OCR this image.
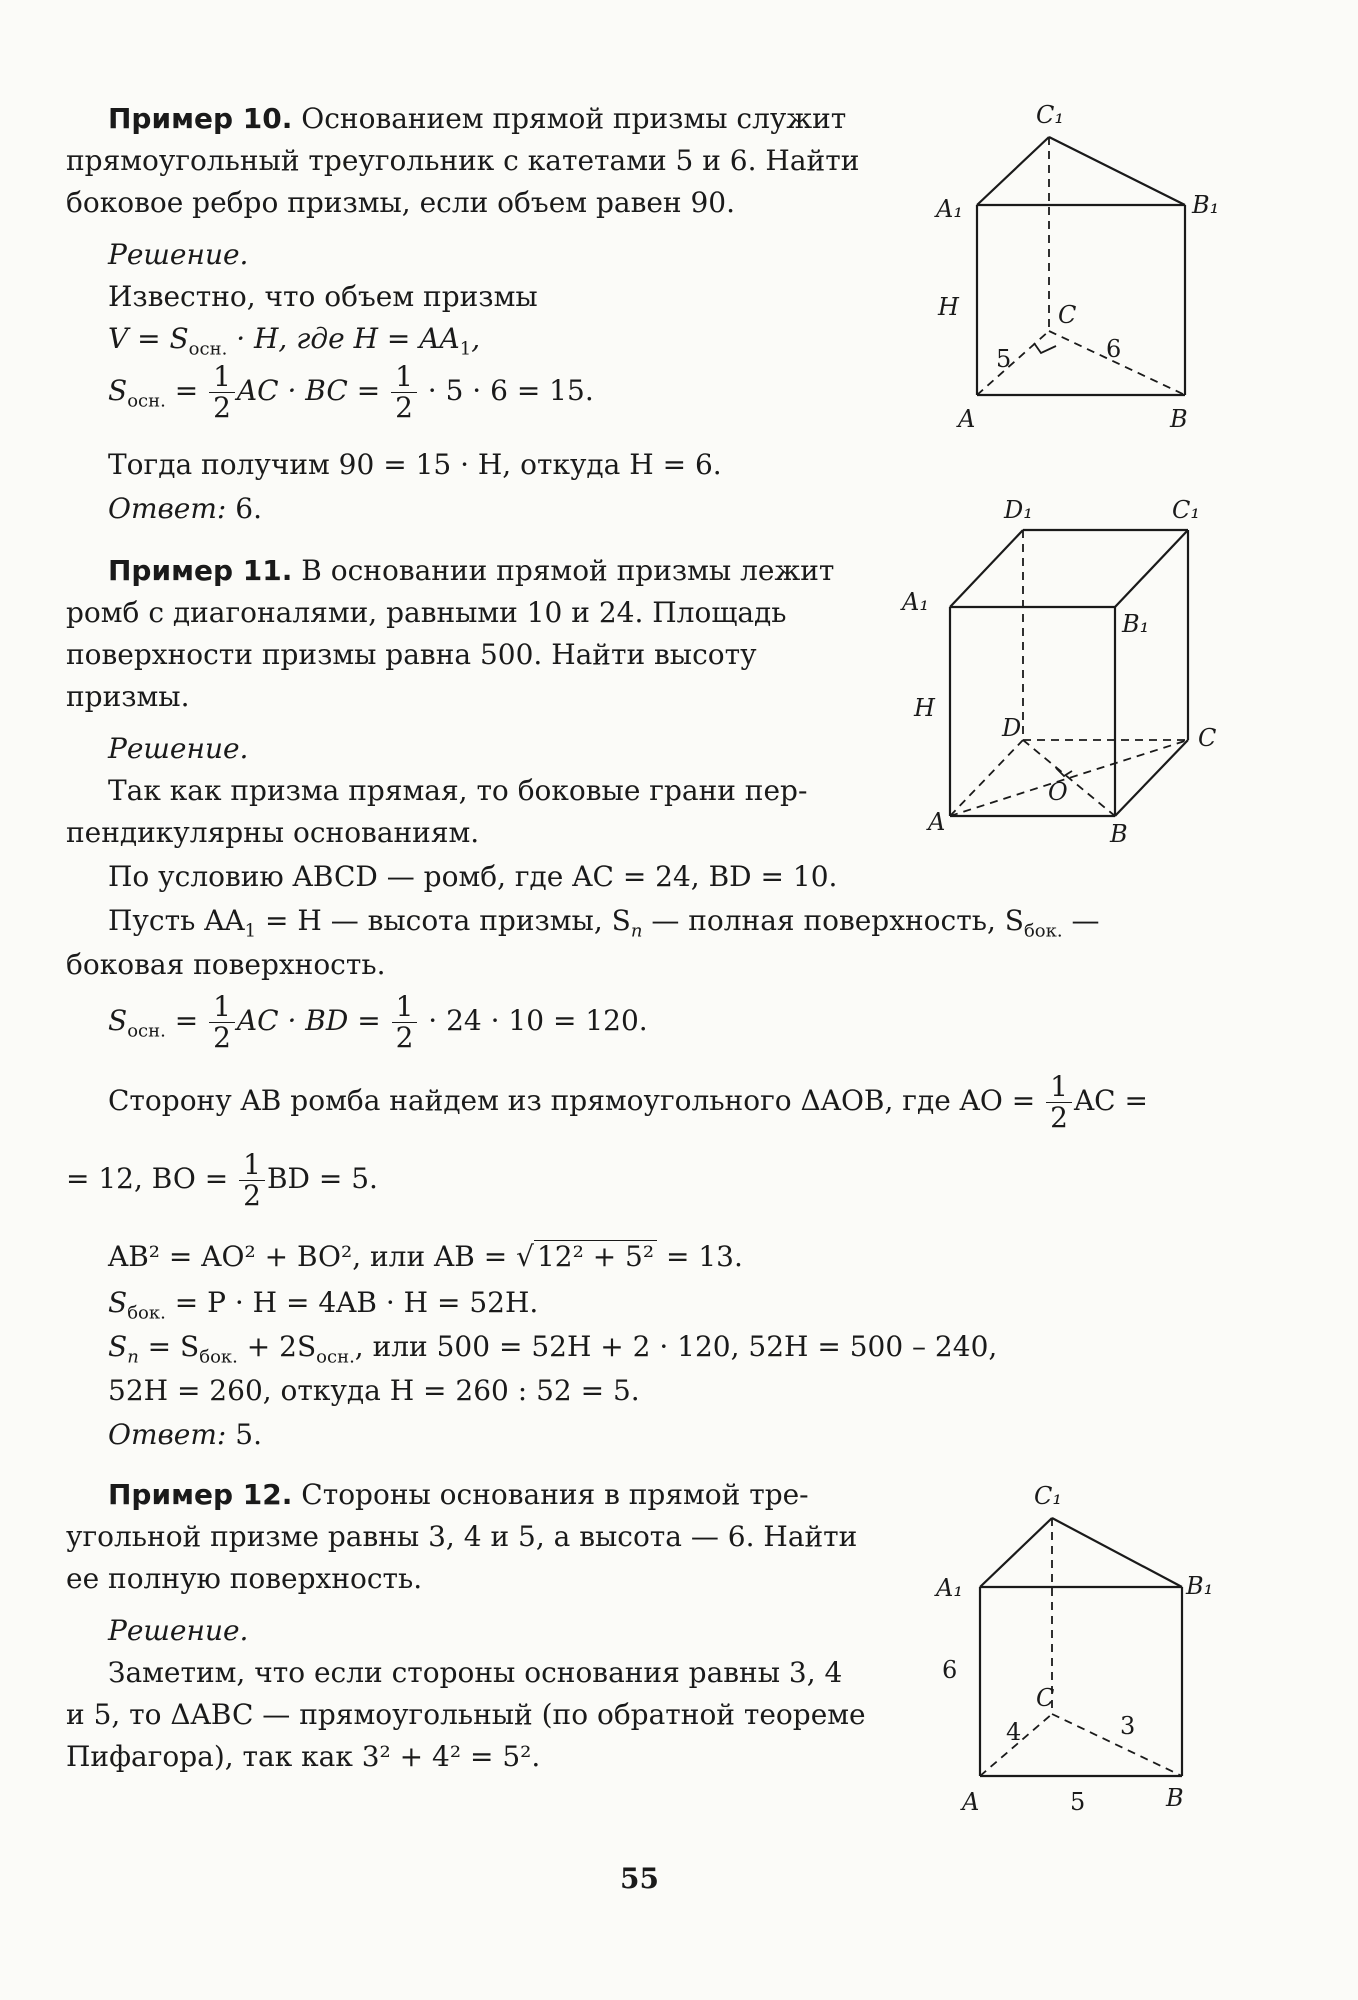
Пример 10. Основанием прямой призмы служит
прямоугольный треугольник с катетами 5 и 6. Найти
боковое ребро призмы, если объем равен 90.
Решение.
Известно, что объем призмы
$V = S_{осн.} \cdot H$, где $H = AA_1$,
$S_{осн.} = \frac{1}{2}$ AC · BC = $\frac{1}{2} \cdot 5 \cdot 6 = 15$.
Тогда получим 90 = 15 · H, откуда H = 6.
Ответ: 6.
C₁
A₁	B₁
H	C
5	6
A	B
Пример 11. В основании прямой призмы лежит
ромб с диагоналями, равными 10 и 24. Площадь
поверхности призмы равна 500. Найти высоту
призмы.
Решение.
Так как призма прямая, то боковые грани пер-
пендикулярны основаниям.
По условию ABCD — ромб, где AC = 24, BD = 10.
Пусть $AA_1 = H$ — высота призмы, $S_n$ — полная поверхность, $S_{бок.}$ —
боковая поверхность.
$S_{осн.} = \frac{1}{2}$ AC · BD = $\frac{1}{2} \cdot 24 \cdot 10 = 120$.
Сторону AB ромба найдем из прямоугольного ΔAOB, где AO = $\frac{1}{2}$ AC =
= 12, BO = $\frac{1}{2}$ BD = 5.
AB² = AO² + BO², или AB = √ 12² + 5² = 13.
$S_{бок.} = P \cdot H = 4AB \cdot H = 52H$.
$S_n = S_{бок.} + 2S_{осн.}$, или 500 = 52H + 2 · 120, 52H = 500 – 240,
52H = 260, откуда H = 260 : 52 = 5.
Ответ: 5.
D₁	C₁
A₁
B₁
H
D	C
O
A	B
Пример 12. Стороны основания в прямой тре-
угольной призме равны 3, 4 и 5, а высота — 6. Найти
ее полную поверхность.
Решение.
Заметим, что если стороны основания равны 3, 4
и 5, то ΔABC — прямоугольный (по обратной теореме
Пифагора), так как 3² + 4² = 5².
C₁
A₁	B₁
6
C
4	3
A	5	B
55
